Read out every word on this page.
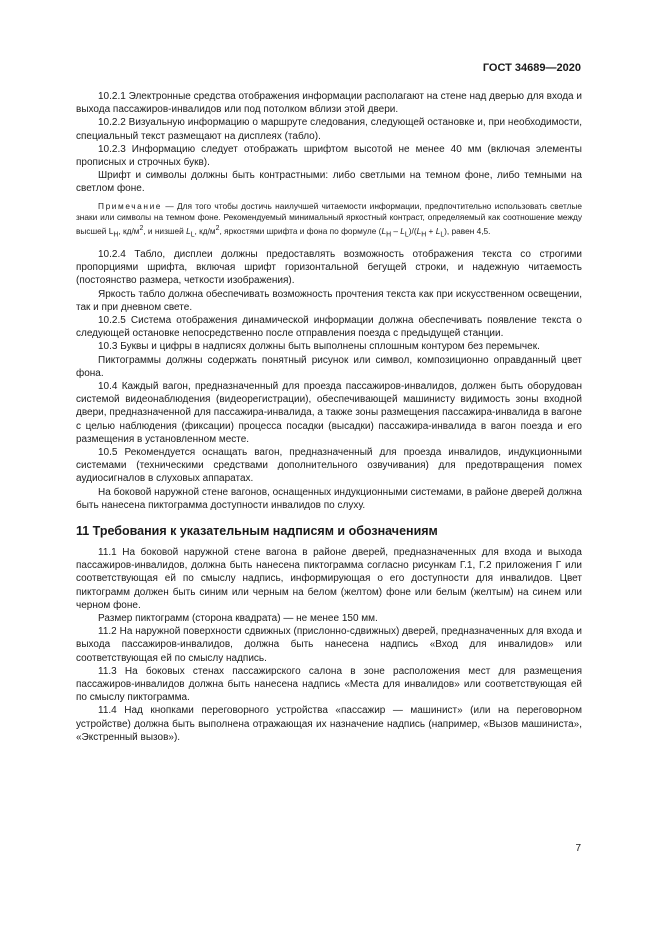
ГОСТ 34689—2020

10.2.1 Электронные средства отображения информации располагают на стене над дверью для входа и выхода пассажиров-инвалидов или под потолком вблизи этой двери.

10.2.2 Визуальную информацию о маршруте следования, следующей остановке и, при необходимости, специальный текст размещают на дисплеях (табло).

10.2.3 Информацию следует отображать шрифтом высотой не менее 40 мм (включая элементы прописных и строчных букв).

Шрифт и символы должны быть контрастными: либо светлыми на темном фоне, либо темными на светлом фоне.

Примечание — Для того чтобы достичь наилучшей читаемости информации, предпочтительно использовать светлые знаки или символы на темном фоне. Рекомендуемый минимальный яркостный контраст, определяемый как соотношение между высшей $L_H$, $кд/м^2$, и низшей $L_L$, $кд/м^2$, яркостями шрифта и фона по формуле $(L_H - L_L)/(L_H + L_L)$, равен 4,5.

10.2.4 Табло, дисплеи должны предоставлять возможность отображения текста со строгими пропорциями шрифта, включая шрифт горизонтальной бегущей строки, и надежную читаемость (постоянство размера, четкости изображения).

Яркость табло должна обеспечивать возможность прочтения текста как при искусственном освещении, так и при дневном свете.

10.2.5 Система отображения динамической информации должна обеспечивать появление текста о следующей остановке непосредственно после отправления поезда с предыдущей станции.

10.3 Буквы и цифры в надписях должны быть выполнены сплошным контуром без перемычек.

Пиктограммы должны содержать понятный рисунок или символ, композиционно оправданный цвет фона.

10.4 Каждый вагон, предназначенный для проезда пассажиров-инвалидов, должен быть оборудован системой видеонаблюдения (видеорегистрации), обеспечивающей машинисту видимость зоны входной двери, предназначенной для пассажира-инвалида, а также зоны размещения пассажира-инвалида в вагоне с целью наблюдения (фиксации) процесса посадки (высадки) пассажира-инвалида в вагон поезда и его размещения в установленном месте.

10.5 Рекомендуется оснащать вагон, предназначенный для проезда инвалидов, индукционными системами (техническими средствами дополнительного озвучивания) для предотвращения помех аудиосигналов в слуховых аппаратах.

На боковой наружной стене вагонов, оснащенных индукционными системами, в районе дверей должна быть нанесена пиктограмма доступности инвалидов по слуху.

11 Требования к указательным надписям и обозначениям

11.1 На боковой наружной стене вагона в районе дверей, предназначенных для входа и выхода пассажиров-инвалидов, должна быть нанесена пиктограмма согласно рисункам Г.1, Г.2 приложения Г или соответствующая ей по смыслу надпись, информирующая о его доступности для инвалидов. Цвет пиктограмм должен быть синим или черным на белом (желтом) фоне или белым (желтым) на синем или черном фоне.

Размер пиктограмм (сторона квадрата) — не менее 150 мм.

11.2 На наружной поверхности сдвижных (прислонно-сдвижных) дверей, предназначенных для входа и выхода пассажиров-инвалидов, должна быть нанесена надпись «Вход для инвалидов» или соответствующая ей по смыслу надпись.

11.3 На боковых стенах пассажирского салона в зоне расположения мест для размещения пассажиров-инвалидов должна быть нанесена надпись «Места для инвалидов» или соответствующая ей по смыслу пиктограмма.

11.4 Над кнопками переговорного устройства «пассажир — машинист» (или на переговорном устройстве) должна быть выполнена отражающая их назначение надпись (например, «Вызов машиниста», «Экстренный вызов»).

7
